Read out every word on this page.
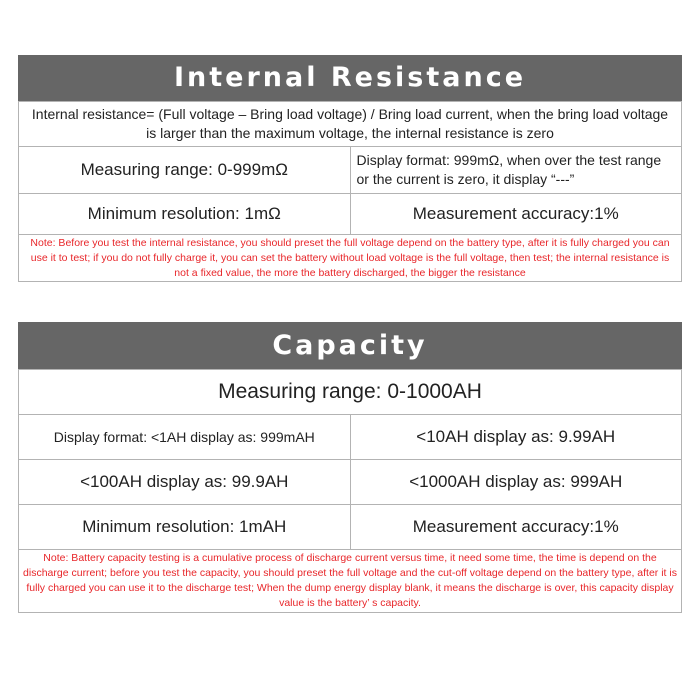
Internal Resistance
Internal resistance= (Full voltage – Bring load voltage) / Bring load current, when the bring load voltage is larger than the maximum voltage, the internal resistance is zero	
Measuring range: 0-999mΩ	Display format: 999mΩ, when over the test range or the current is zero, it display “---”
Minimum resolution: 1mΩ	Measurement accuracy:1%
Note: Before you test the internal resistance, you should preset the full voltage depend on the battery type, after it is fully charged you can use it to test; if you do not fully charge it, you can set the battery without load voltage is the full voltage, then test; the internal resistance is not a fixed value, the more the battery discharged, the bigger the resistance	
Capacity
Measuring range: 0-1000AH	
Display format: <1AH display as: 999mAH	<10AH display as: 9.99AH
<100AH display as: 99.9AH	<1000AH display as: 999AH
Minimum resolution: 1mAH	Measurement accuracy:1%
Note: Battery capacity testing is a cumulative process of discharge current versus time, it need some time, the time is depend on the discharge current; before you test the capacity, you should preset the full voltage and the cut-off voltage depend on the battery type, after it is fully charged you can use it to the discharge test; When the dump energy display blank, it means the discharge is over, this capacity display value is the battery’ s capacity.	
